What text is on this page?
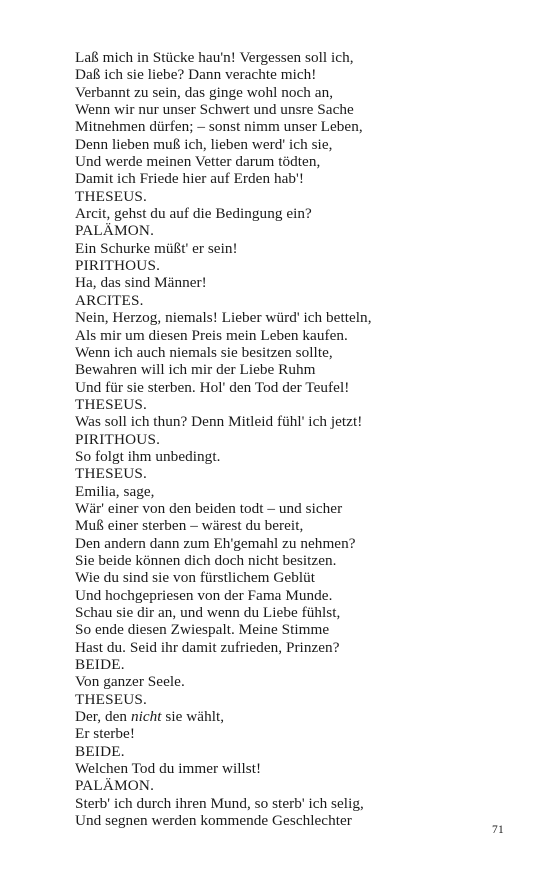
Laß mich in Stücke hau'n! Vergessen soll ich,
Daß ich sie liebe? Dann verachte mich!
Verbannt zu sein, das ginge wohl noch an,
Wenn wir nur unser Schwert und unsre Sache
Mitnehmen dürfen; – sonst nimm unser Leben,
Denn lieben muß ich, lieben werd' ich sie,
Und werde meinen Vetter darum tödten,
Damit ich Friede hier auf Erden hab'!
THESEUS.
Arcit, gehst du auf die Bedingung ein?
PALÄMON.
Ein Schurke müßt' er sein!
PIRITHOUS.
Ha, das sind Männer!
ARCITES.
Nein, Herzog, niemals! Lieber würd' ich betteln,
Als mir um diesen Preis mein Leben kaufen.
Wenn ich auch niemals sie besitzen sollte,
Bewahren will ich mir der Liebe Ruhm
Und für sie sterben. Hol' den Tod der Teufel!
THESEUS.
Was soll ich thun? Denn Mitleid fühl' ich jetzt!
PIRITHOUS.
So folgt ihm unbedingt.
THESEUS.
Emilia, sage,
Wär' einer von den beiden todt – und sicher
Muß einer sterben – wärest du bereit,
Den andern dann zum Eh'gemahl zu nehmen?
Sie beide können dich doch nicht besitzen.
Wie du sind sie von fürstlichem Geblüt
Und hochgepriesen von der Fama Munde.
Schau sie dir an, und wenn du Liebe fühlst,
So ende diesen Zwiespalt. Meine Stimme
Hast du. Seid ihr damit zufrieden, Prinzen?
BEIDE.
Von ganzer Seele.
THESEUS.
Der, den nicht sie wählt,
Er sterbe!
BEIDE.
Welchen Tod du immer willst!
PALÄMON.
Sterb' ich durch ihren Mund, so sterb' ich selig,
Und segnen werden kommende Geschlechter
71
